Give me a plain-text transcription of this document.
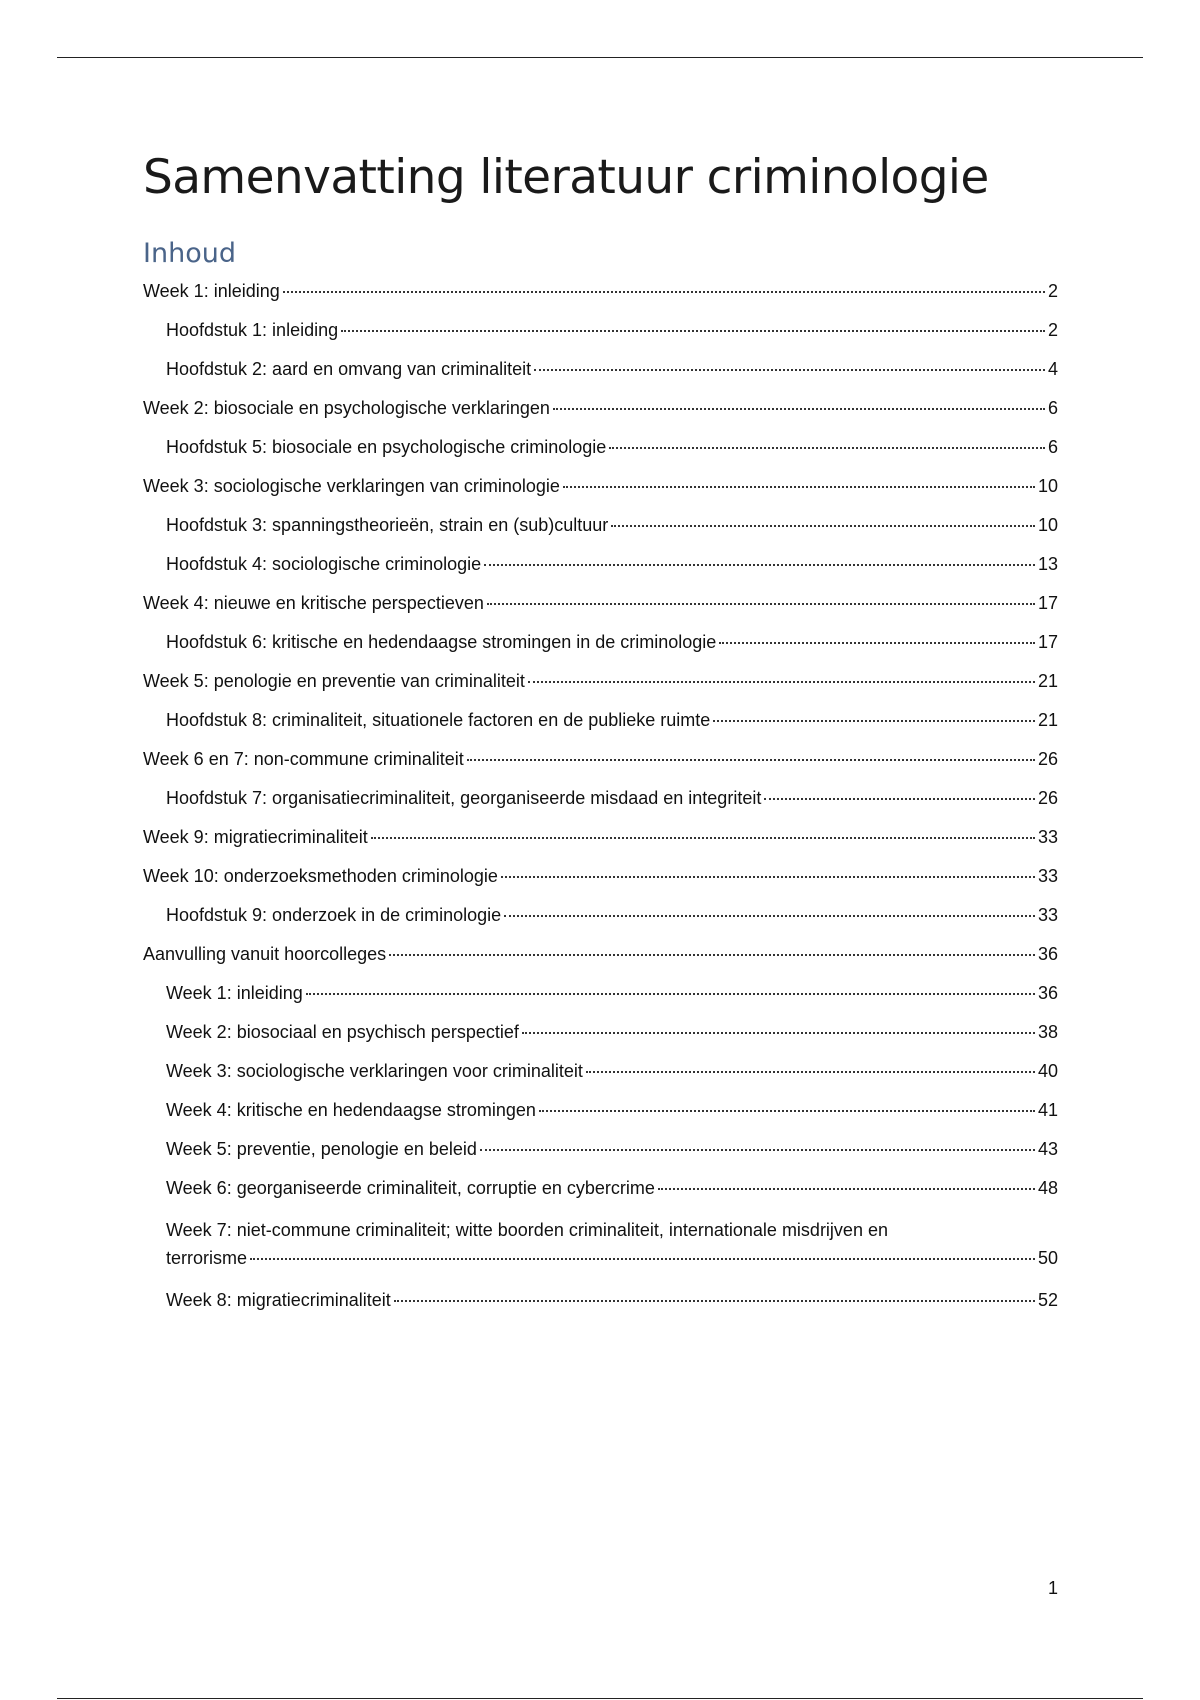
Samenvatting literatuur criminologie
Inhoud
Week 1: inleiding	2
Hoofdstuk 1: inleiding	2
Hoofdstuk 2: aard en omvang van criminaliteit	4
Week 2: biosociale en psychologische verklaringen	6
Hoofdstuk 5: biosociale en psychologische criminologie	6
Week 3: sociologische verklaringen van criminologie	10
Hoofdstuk 3: spanningstheorieën, strain en (sub)cultuur	10
Hoofdstuk 4: sociologische criminologie	13
Week 4: nieuwe en kritische perspectieven	17
Hoofdstuk 6: kritische en hedendaagse stromingen in de criminologie	17
Week 5: penologie en preventie van criminaliteit	21
Hoofdstuk 8: criminaliteit, situationele factoren en de publieke ruimte	21
Week 6 en 7: non-commune criminaliteit	26
Hoofdstuk 7: organisatiecriminaliteit, georganiseerde misdaad en integriteit	26
Week 9: migratiecriminaliteit	33
Week 10: onderzoeksmethoden criminologie	33
Hoofdstuk 9: onderzoek in de criminologie	33
Aanvulling vanuit hoorcolleges	36
Week 1: inleiding	36
Week 2: biosociaal en psychisch perspectief	38
Week 3: sociologische verklaringen voor criminaliteit	40
Week 4: kritische en hedendaagse stromingen	41
Week 5: preventie, penologie en beleid	43
Week 6: georganiseerde criminaliteit, corruptie en cybercrime	48
Week 7: niet-commune criminaliteit; witte boorden criminaliteit, internationale misdrijven en
terrorisme	50
Week 8: migratiecriminaliteit	52
1
